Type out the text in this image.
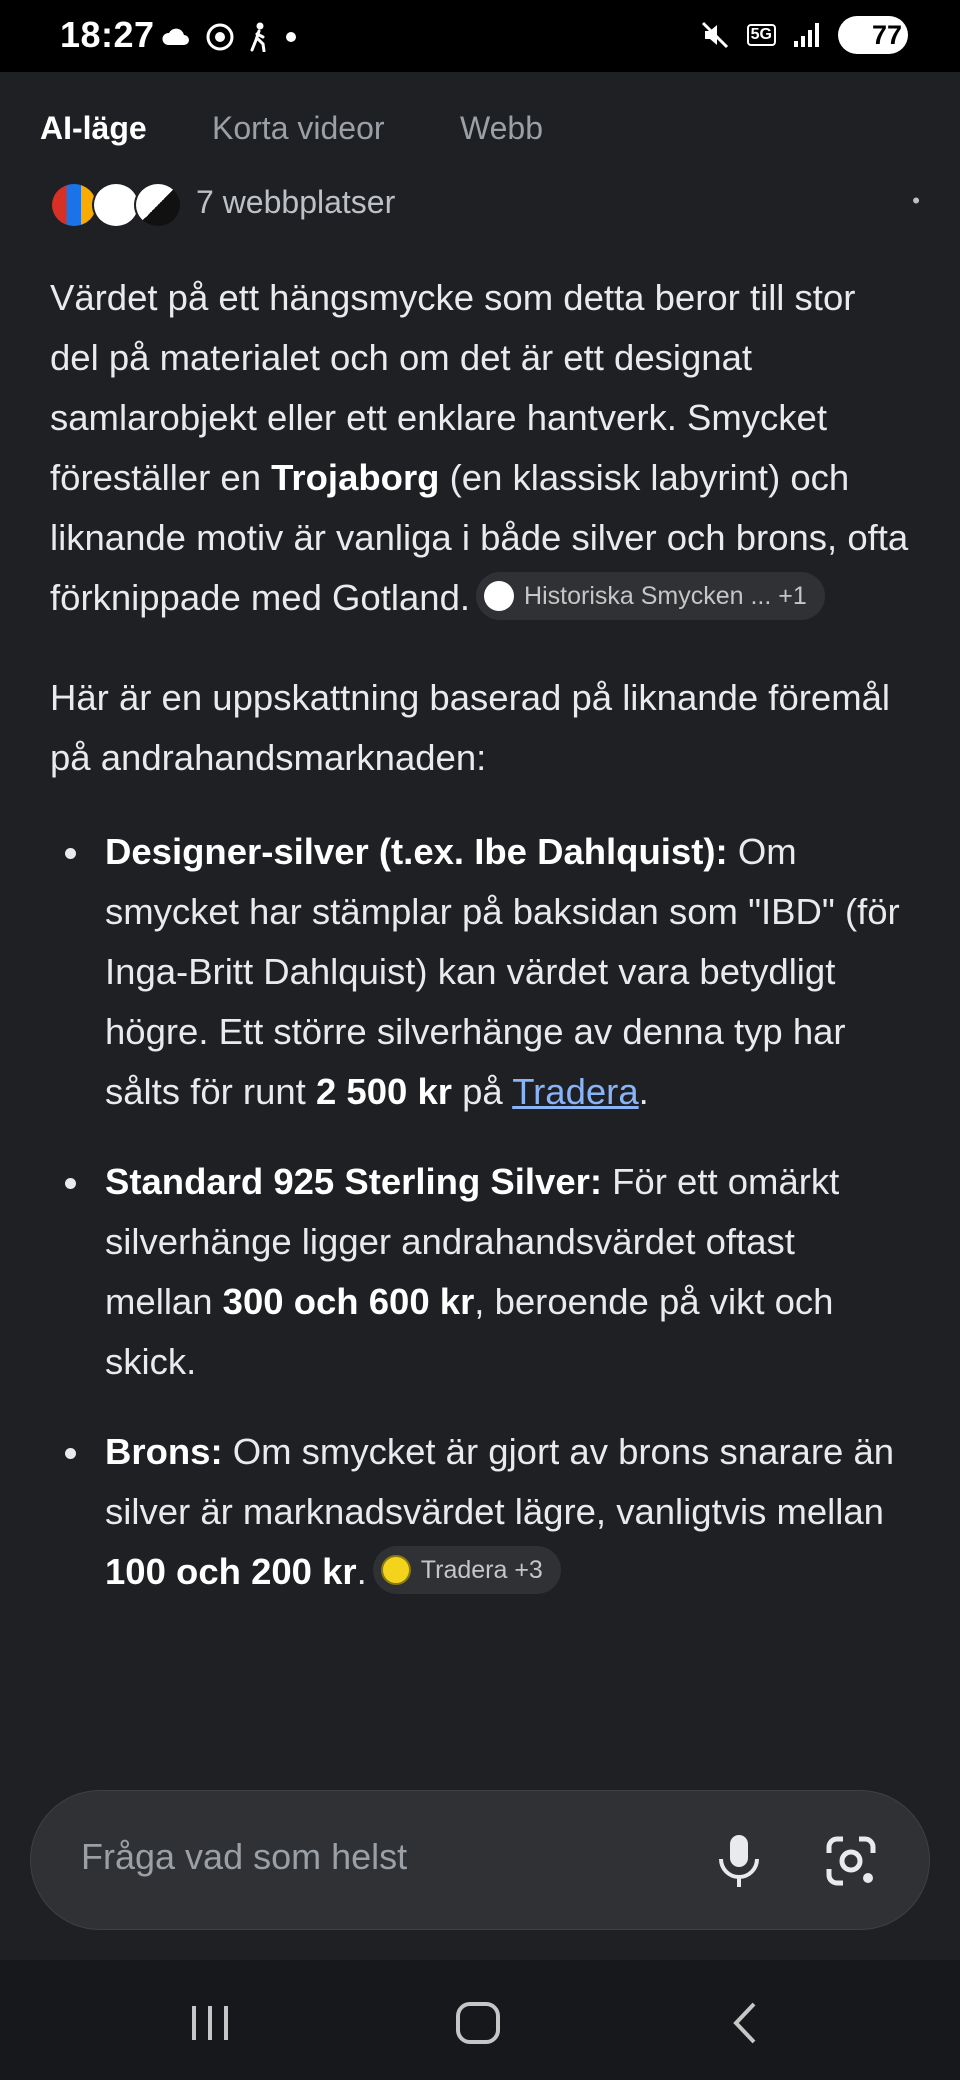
18:27	5G	77
AI-läge Korta videor Webb
7 webbplatser	•

Värdet på ett hängsmycke som detta beror till stor del på materialet och om det är ett designat samlarobjekt eller ett enklare hantverk. Smycket föreställer en Trojaborg (en klassisk labyrint) och liknande motiv är vanliga i både silver och brons, ofta förknippade med Gotland. Historiska Smycken ... +1

Här är en uppskattning baserad på liknande föremål på andrahandsmarknaden:

Designer-silver (t.ex. Ibe Dahlquist): Om smycket har stämplar på baksidan som "IBD" (för Inga-Britt Dahlquist) kan värdet vara betydligt högre. Ett större silverhänge av denna typ har sålts för runt 2 500 kr på Tradera.
Standard 925 Sterling Silver: För ett omärkt silverhänge ligger andrahandsvärdet oftast mellan 300 och 600 kr, beroende på vikt och skick.
Brons: Om smycket är gjort av brons snarare än silver är marknadsvärdet lägre, vanligtvis mellan 100 och 200 kr. Tradera +3
Fråga vad som helst
